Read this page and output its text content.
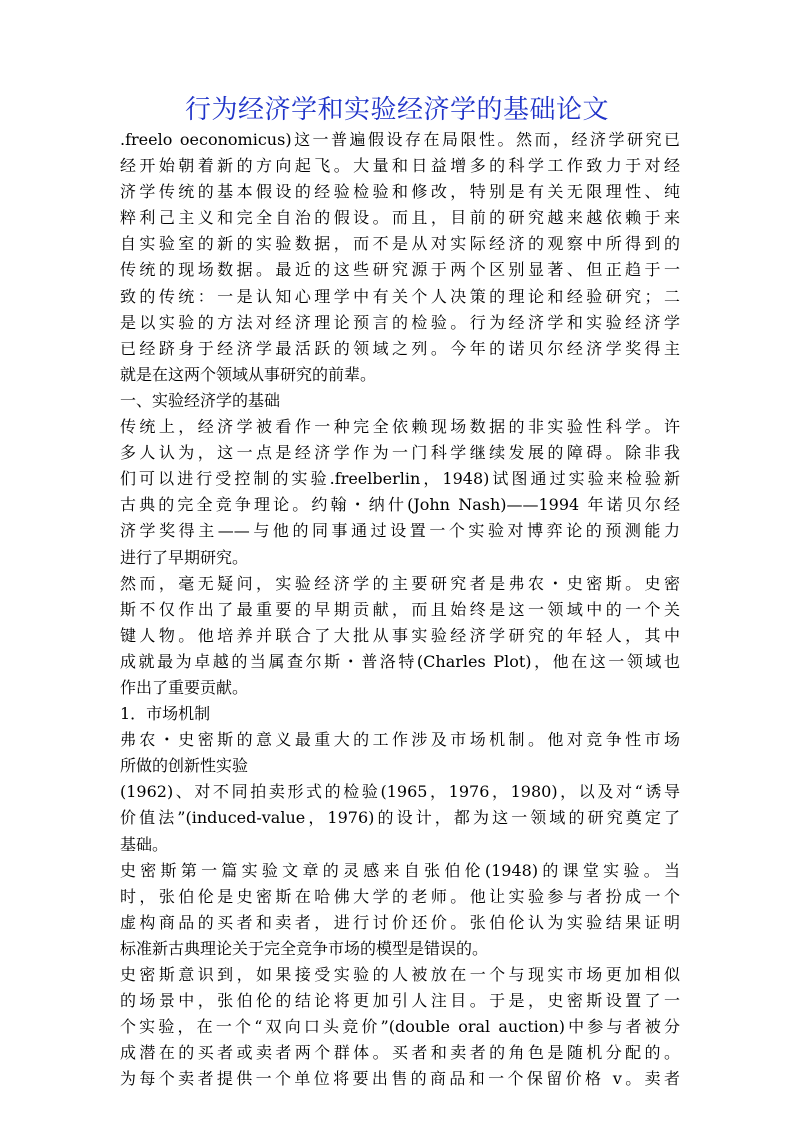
行为经济学和实验经济学的基础论文
.freelo oeconomicus)这一普遍假设存在局限性。然而，经济学研究已
经开始朝着新的方向起飞。大量和日益增多的科学工作致力于对经
济学传统的基本假设的经验检验和修改，特别是有关无限理性、纯
粹利己主义和完全自治的假设。而且，目前的研究越来越依赖于来
自实验室的新的实验数据，而不是从对实际经济的观察中所得到的
传统的现场数据。最近的这些研究源于两个区别显著、但正趋于一
致的传统：一是认知心理学中有关个人决策的理论和经验研究；二
是以实验的方法对经济理论预言的检验。行为经济学和实验经济学
已经跻身于经济学最活跃的领域之列。今年的诺贝尔经济学奖得主
就是在这两个领域从事研究的前辈。
一、实验经济学的基础
传统上，经济学被看作一种完全依赖现场数据的非实验性科学。许
多人认为，这一点是经济学作为一门科学继续发展的障碍。除非我
们可以进行受控制的实验.freelberlin，1948)试图通过实验来检验新
古典的完全竞争理论。约翰・纳什(John Nash)——1994 年诺贝尔经
济学奖得主——与他的同事通过设置一个实验对博弈论的预测能力
进行了早期研究。
然而，毫无疑问，实验经济学的主要研究者是弗农・史密斯。史密
斯不仅作出了最重要的早期贡献，而且始终是这一领域中的一个关
键人物。他培养并联合了大批从事实验经济学研究的年轻人，其中
成就最为卓越的当属查尔斯・普洛特(Charles Plot)，他在这一领域也
作出了重要贡献。
1．市场机制
弗农・史密斯的意义最重大的工作涉及市场机制。他对竞争性市场
所做的创新性实验
(1962)、对不同拍卖形式的检验(1965，1976，1980)，以及对“诱导
价值法”(induced-value，1976)的设计，都为这一领域的研究奠定了
基础。
史密斯第一篇实验文章的灵感来自张伯伦(1948)的课堂实验。当
时，张伯伦是史密斯在哈佛大学的老师。他让实验参与者扮成一个
虚构商品的买者和卖者，进行讨价还价。张伯伦认为实验结果证明
标准新古典理论关于完全竞争市场的模型是错误的。
史密斯意识到，如果接受实验的人被放在一个与现实市场更加相似
的场景中，张伯伦的结论将更加引人注目。于是，史密斯设置了一
个实验，在一个“双向口头竞价”(double oral auction)中参与者被分
成潜在的买者或卖者两个群体。买者和卖者的角色是随机分配的。
为每个卖者提供一个单位将要出售的商品和一个保留价格 v。卖者
